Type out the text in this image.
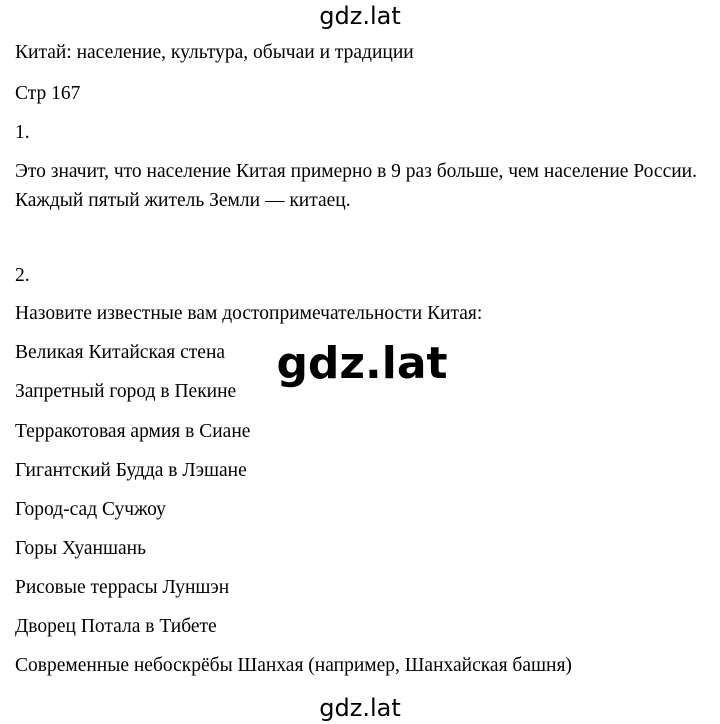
gdz.lat
Китай: население, культура, обычаи и традиции
Стр 167
1.
Это значит, что население Китая примерно в 9 раз больше, чем население России. Каждый пятый житель Земли — китаец.
2.
Назовите известные вам достопримечательности Китая:
Великая Китайская стена
Запретный город в Пекине
Терракотовая армия в Сиане
Гигантский Будда в Лэшане
Город-сад Сучжоу
Горы Хуаншань
Рисовые террасы Луншэн
Дворец Потала в Тибете
Современные небоскрёбы Шанхая (например, Шанхайская башня)
gdz.lat
gdz.lat
